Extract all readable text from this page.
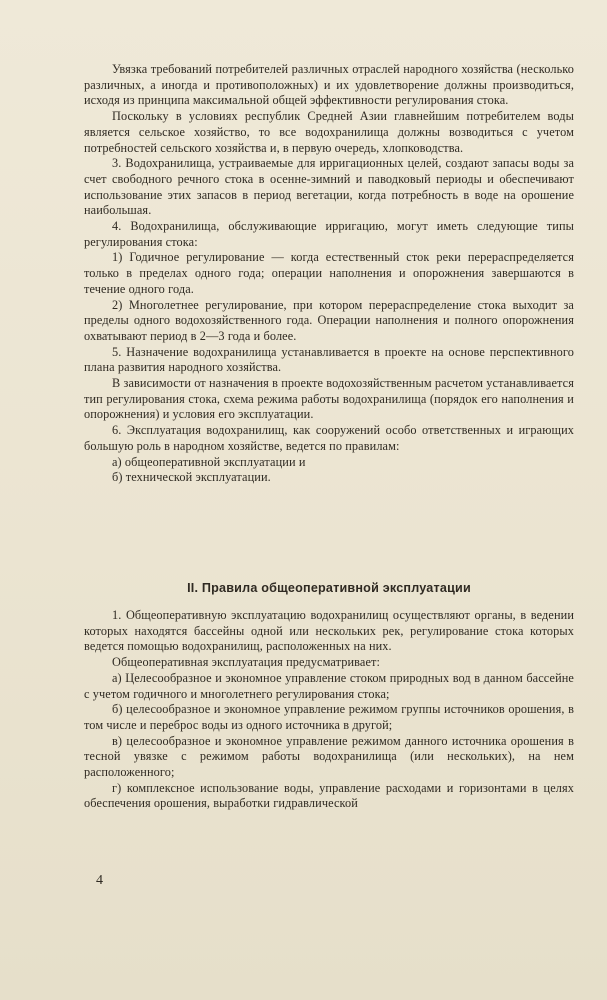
Увязка требований потребителей различных отраслей народного хозяйства (несколько различных, а иногда и противоположных) и их удовлетворение должны производиться, исходя из принципа максимальной общей эффективности регулирования стока.

Поскольку в условиях республик Средней Азии главнейшим потребителем воды является сельское хозяйство, то все водохранилища должны возводиться с учетом потребностей сельского хозяйства и, в первую очередь, хлопководства.

3. Водохранилища, устраиваемые для ирригационных целей, создают запасы воды за счет свободного речного стока в осенне-зимний и паводковый периоды и обеспечивают использование этих запасов в период вегетации, когда потребность в воде на орошение наибольшая.

4. Водохранилища, обслуживающие ирригацию, могут иметь следующие типы регулирования стока:

1) Годичное регулирование — когда естественный сток реки перераспределяется только в пределах одного года; операции наполнения и опорожнения завершаются в течение одного года.

2) Многолетнее регулирование, при котором перераспределение стока выходит за пределы одного водохозяйственного года. Операции наполнения и полного опорожнения охватывают период в 2—3 года и более.

5. Назначение водохранилища устанавливается в проекте на основе перспективного плана развития народного хозяйства.

В зависимости от назначения в проекте водохозяйственным расчетом устанавливается тип регулирования стока, схема режима работы водохранилища (порядок его наполнения и опорожнения) и условия его эксплуатации.

6. Эксплуатация водохранилищ, как сооружений особо ответственных и играющих большую роль в народном хозяйстве, ведется по правилам:

а) общеоперативной эксплуатации и

б) технической эксплуатации.

II. Правила общеоперативной эксплуатации

1. Общеоперативную эксплуатацию водохранилищ осуществляют органы, в ведении которых находятся бассейны одной или нескольких рек, регулирование стока которых ведется помощью водохранилищ, расположенных на них.

Общеоперативная эксплуатация предусматривает:

а) Целесообразное и экономное управление стоком природных вод в данном бассейне с учетом годичного и многолетнего регулирования стока;

б) целесообразное и экономное управление режимом группы источников орошения, в том числе и переброс воды из одного источника в другой;

в) целесообразное и экономное управление режимом данного источника орошения в тесной увязке с режимом работы водохранилища (или нескольких), на нем расположенного;

г) комплексное использование воды, управление расходами и горизонтами в целях обеспечения орошения, выработки гидравлической

4
